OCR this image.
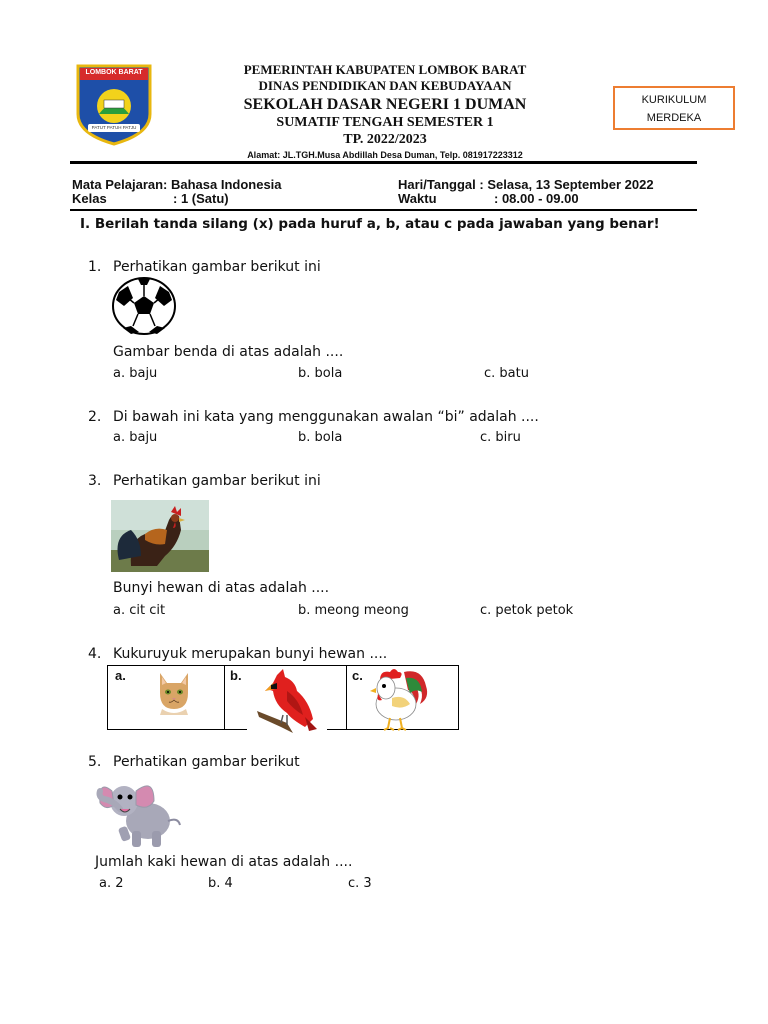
LOMBOK BARAT
PATUT PATUH PATJU
PEMERINTAH KABUPATEN LOMBOK BARAT
DINAS PENDIDIKAN DAN KEBUDAYAAN
SEKOLAH DASAR NEGERI 1 DUMAN
SUMATIF TENGAH SEMESTER 1
TP. 2022/2023
Alamat: JL.TGH.Musa Abdillah Desa Duman, Telp. 081917223312
KURIKULUM
MERDEKA
Mata Pelajaran: Bahasa Indonesia	Hari/Tanggal : Selasa, 13 September 2022
Kelas	: 1 (Satu)	Waktu	: 08.00 - 09.00
I. Berilah tanda silang (x) pada huruf a, b, atau c pada jawaban yang benar!
1. Perhatikan gambar berikut ini
Gambar benda di atas adalah ....
a. baju	b. bola	c. batu
2. Di bawah ini kata yang menggunakan awalan “bi” adalah ....
a. baju	b. bola	c. biru
3. Perhatikan gambar berikut ini
Bunyi hewan di atas adalah ....
a. cit cit	b. meong meong	c. petok petok
4. Kukuruyuk merupakan bunyi hewan ....
a.	b.	c.
5. Perhatikan gambar berikut
Jumlah kaki hewan di atas adalah ....
a. 2	b. 4	c. 3
